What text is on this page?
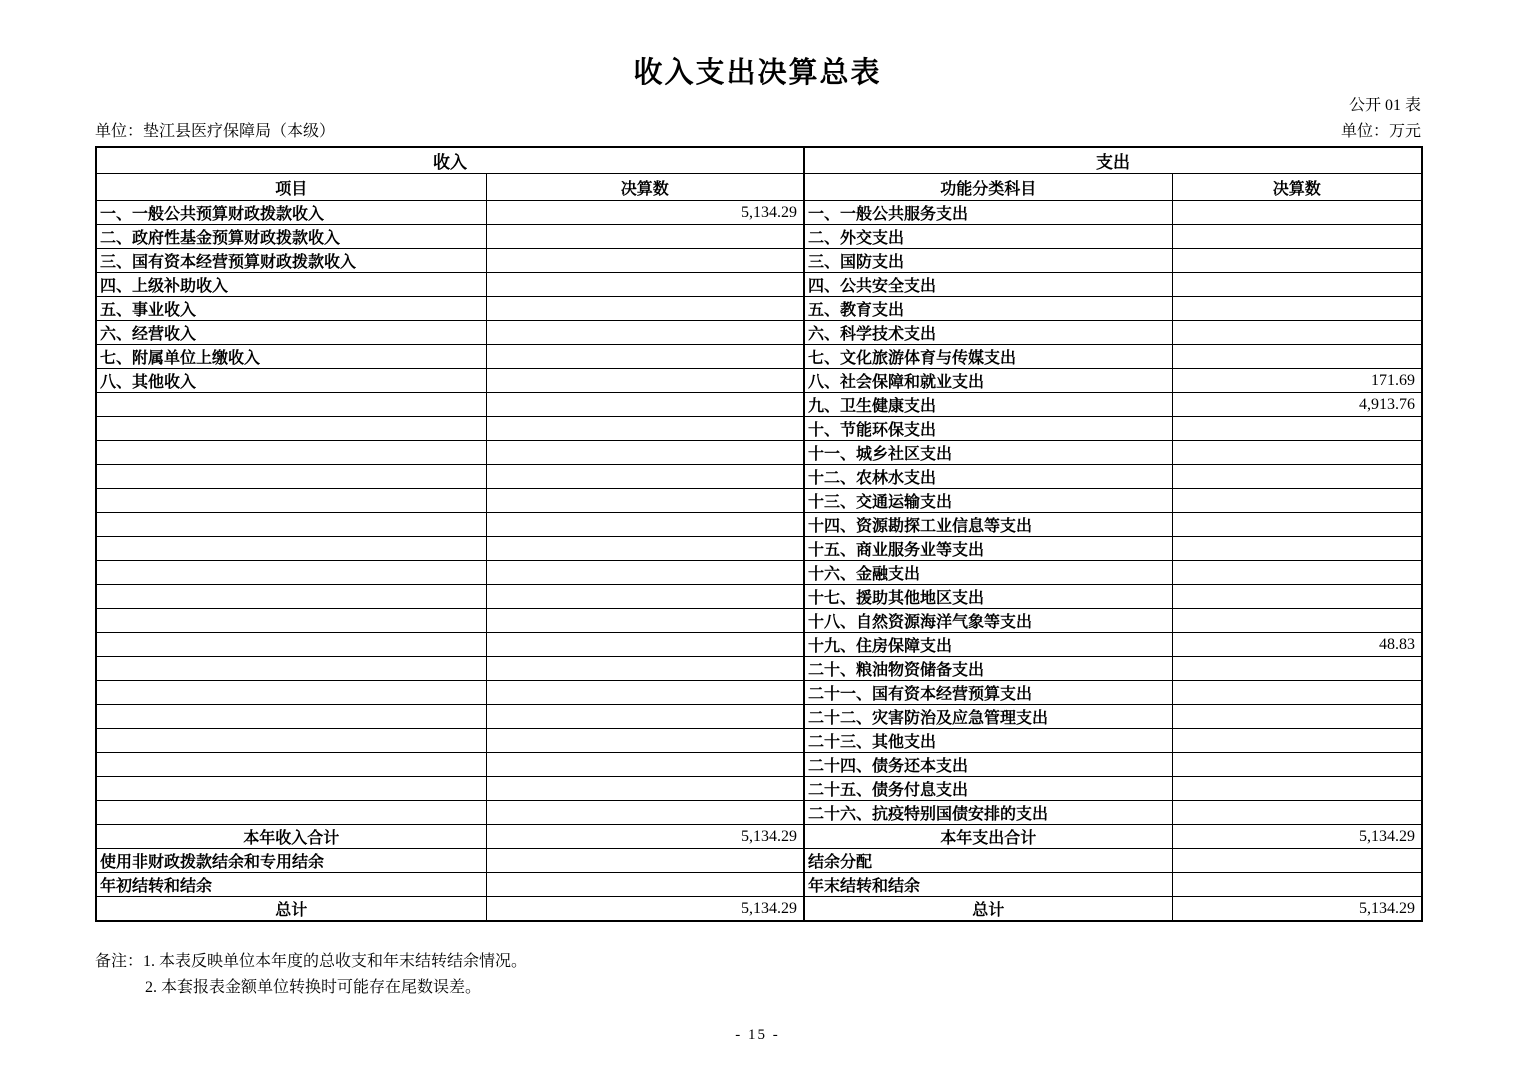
收入支出决算总表
公开 01 表
单位：垫江县医疗保障局（本级）	单位：万元
收入		支出	
项目	决算数	功能分类科目	决算数
一、一般公共预算财政拨款收入	5,134.29	一、一般公共服务支出	
二、政府性基金预算财政拨款收入		二、外交支出	
三、国有资本经营预算财政拨款收入		三、国防支出	
四、上级补助收入		四、公共安全支出	
五、事业收入		五、教育支出	
六、经营收入		六、科学技术支出	
七、附属单位上缴收入		七、文化旅游体育与传媒支出	
八、其他收入		八、社会保障和就业支出	171.69
		九、卫生健康支出	4,913.76
		十、节能环保支出	
		十一、城乡社区支出	
		十二、农林水支出	
		十三、交通运输支出	
		十四、资源勘探工业信息等支出	
		十五、商业服务业等支出	
		十六、金融支出	
		十七、援助其他地区支出	
		十八、自然资源海洋气象等支出	
		十九、住房保障支出	48.83
		二十、粮油物资储备支出	
		二十一、国有资本经营预算支出	
		二十二、灾害防治及应急管理支出	
		二十三、其他支出	
		二十四、债务还本支出	
		二十五、债务付息支出	
		二十六、抗疫特别国债安排的支出	
本年收入合计	5,134.29	本年支出合计	5,134.29
使用非财政拨款结余和专用结余		结余分配	
年初结转和结余		年末结转和结余	
总计	5,134.29	总计	5,134.29
备注：1. 本表反映单位本年度的总收支和年末结转结余情况。
2. 本套报表金额单位转换时可能存在尾数误差。
- 15 -
